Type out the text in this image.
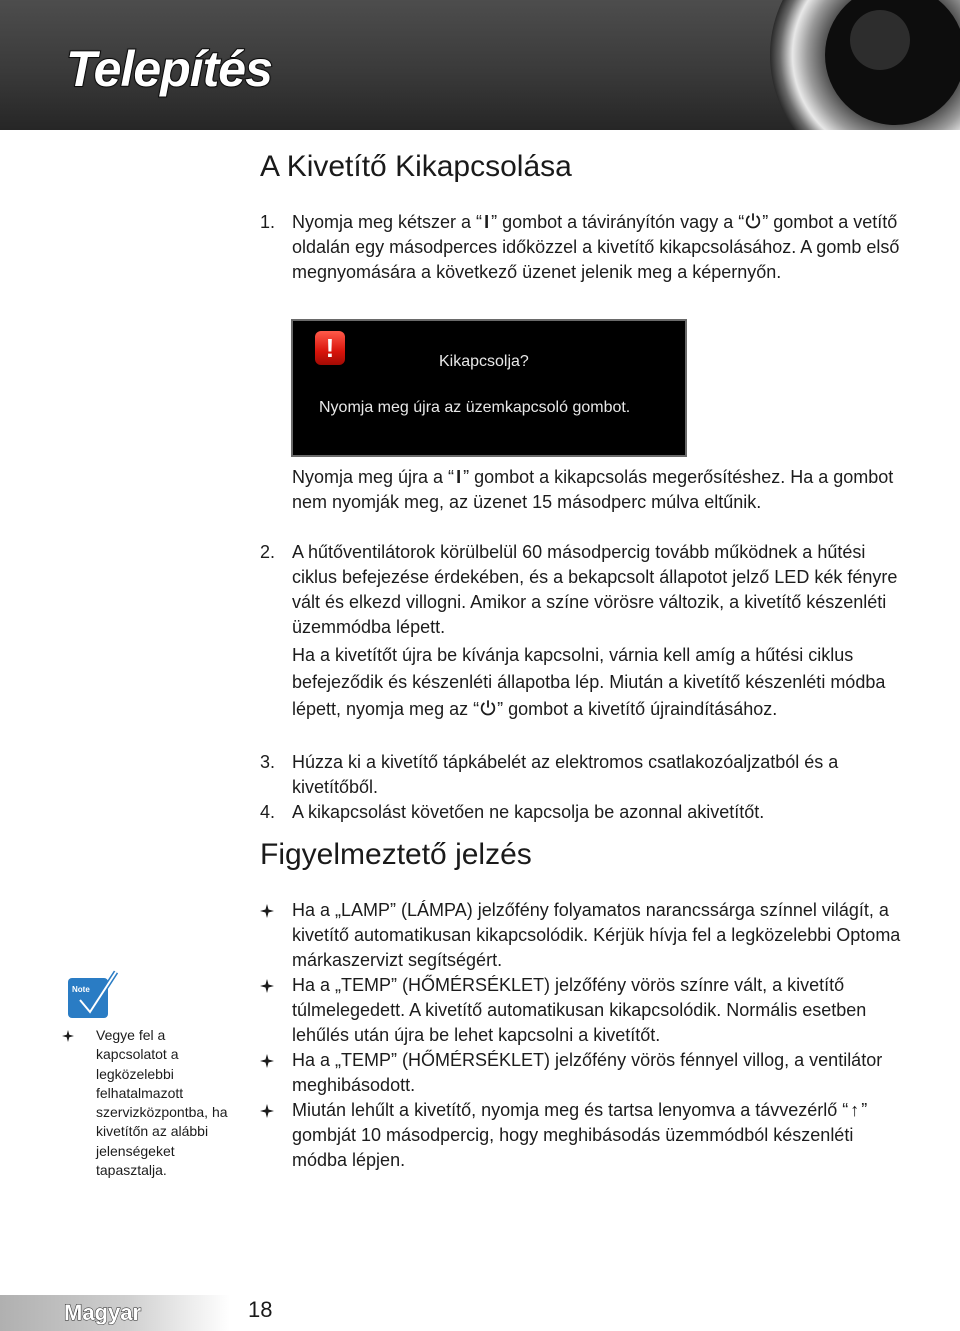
Telepítés
A Kivetítő Kikapcsolása
1. Nyomja meg kétszer a “ I ” gombot a távirányítón vagy a “ ” gombot a vetítő oldalán egy másodperces időközzel a kivetítő kikapcsolásához. A gomb első megnyomására a következő üzenet jelenik meg a képernyőn.
!	Kikapcsolja?
Nyomja meg újra az üzemkapcsoló gombot.
Nyomja meg újra a “ I ” gombot a kikapcsolás megerősítéshez. Ha a gombot nem nyomják meg, az üzenet 15 másodperc múlva eltűnik.
2. A hűtőventilátorok körülbelül 60 másodpercig tovább működnek a hűtési ciklus befejezése érdekében, és a bekapcsolt állapotot jelző LED kék fényre vált és elkezd villogni. Amikor a színe vörösre változik, a kivetítő készenléti üzemmódba lépett.
Ha a kivetítőt újra be kívánja kapcsolni, várnia kell amíg a hűtési ciklus befejeződik és készenléti állapotba lép. Miután a kivetítő készenléti módba lépett, nyomja meg az “ ” gombot a kivetítő újraindításához.
3. Húzza ki a kivetítő tápkábelét az elektromos csatlakozóaljzatból és a kivetítőből.
4. A kikapcsolást követően ne kapcsolja be azonnal akivetítőt.
Figyelmeztető jelzés
Ha a „LAMP” (LÁMPA) jelzőfény folyamatos narancssárga színnel világít, a kivetítő automatikusan kikapcsolódik. Kérjük hívja fel a legközelebbi Optoma márkaszervizt segítségért.
Ha a „TEMP” (HŐMÉRSÉKLET) jelzőfény vörös színre vált, a kivetítő túlmelegedett. A kivetítő automatikusan kikapcsolódik. Normális esetben lehűlés után újra be lehet kapcsolni a kivetítőt.
Ha a „TEMP” (HŐMÉRSÉKLET) jelzőfény vörös fénnyel villog, a ventilátor meghibásodott.
Miután lehűlt a kivetítő, nyomja meg és tartsa lenyomva a távvezérlő “ ↑ ” gombját 10 másodpercig, hogy meghibásodás üzemmódból készenléti módba lépjen.
Note
Vegye fel a kapcsolatot a legközelebbi felhatalmazott szervizközpontba, ha kivetítőn az alábbi jelenségeket tapasztalja.
Magyar	18
